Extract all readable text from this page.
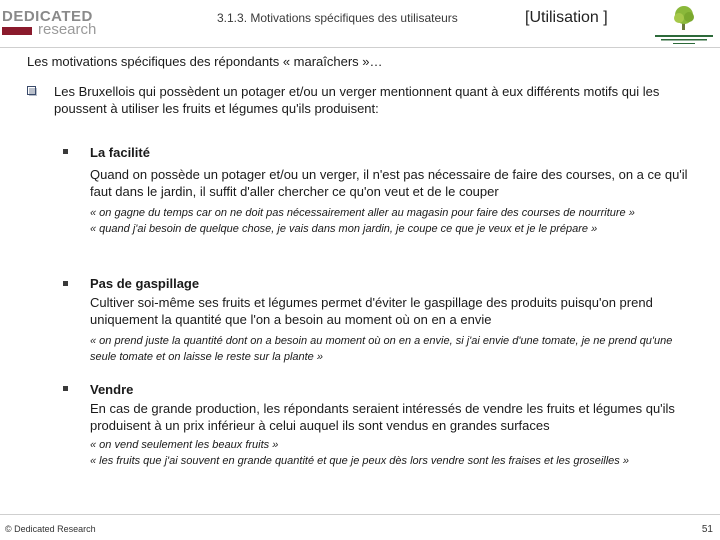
DEDICATED
research
3.1.3. Motivations spécifiques des utilisateurs	[Utilisation ]
Les motivations spécifiques des répondants « maraîchers »…
Les Bruxellois qui possèdent un potager et/ou un verger mentionnent quant à eux différents motifs qui les poussent à utiliser les fruits et légumes qu'ils produisent:
La facilité
Quand on possède un potager et/ou un verger, il n'est pas nécessaire de faire des courses, on a ce qu'il faut dans le jardin, il suffit d'aller chercher ce qu'on veut et de le couper
« on gagne du temps car on ne doit pas nécessairement aller au magasin pour faire des courses de nourriture »
« quand j'ai besoin de quelque chose, je vais dans mon jardin, je coupe ce que je veux et je le prépare »
Pas de gaspillage
Cultiver soi-même ses fruits et légumes permet d'éviter le gaspillage des produits puisqu'on prend uniquement la quantité que l'on a besoin au moment où on en a envie
« on prend juste la quantité dont on a besoin au moment où on en a envie, si j'ai envie d'une tomate, je ne prend qu'une seule tomate et on laisse le reste sur la plante »
Vendre
En cas de grande production, les répondants seraient intéressés de vendre les fruits et légumes qu'ils produisent à un prix inférieur à celui auquel ils sont vendus en grandes surfaces
« on vend seulement les beaux fruits »
« les fruits que j'ai souvent en grande quantité et que je peux dès lors vendre sont les fraises et les groseilles »
© Dedicated Research	51
